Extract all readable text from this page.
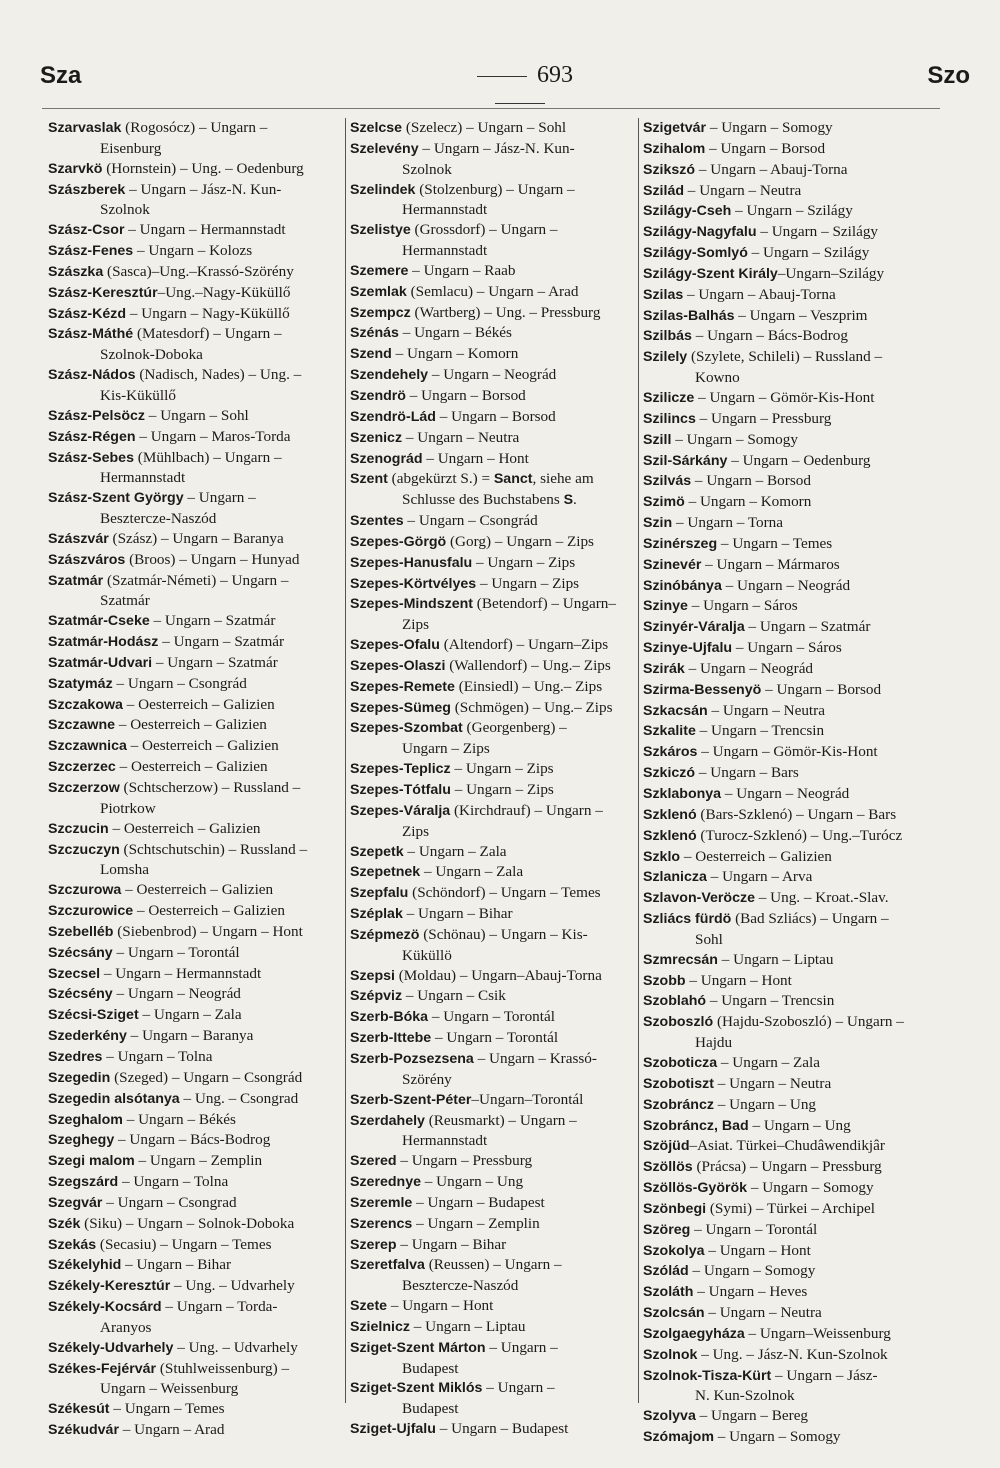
Sza	693	Szo
Szarvaslak (Rogosócz) – Ungarn –
Eisenburg
Szarvkö (Hornstein) – Ung. – Oedenburg
Szászberek – Ungarn – Jász-N. Kun-
Szolnok
Szász-Csor – Ungarn – Hermannstadt
Szász-Fenes – Ungarn – Kolozs
Szászka (Sasca)–Ung.–Krassó-Szörény
Szász-Keresztúr–Ung.–Nagy-Küküllő
Szász-Kézd – Ungarn – Nagy-Küküllő
Szász-Máthé (Matesdorf) – Ungarn –
Szolnok-Doboka
Szász-Nádos (Nadisch, Nades) – Ung. –
Kis-Küküllő
Szász-Pelsöcz – Ungarn – Sohl
Szász-Régen – Ungarn – Maros-Torda
Szász-Sebes (Mühlbach) – Ungarn –
Hermannstadt
Szász-Szent György – Ungarn –
Besztercze-Naszód
Szászvár (Szász) – Ungarn – Baranya
Szászváros (Broos) – Ungarn – Hunyad
Szatmár (Szatmár-Németi) – Ungarn –
Szatmár
Szatmár-Cseke – Ungarn – Szatmár
Szatmár-Hodász – Ungarn – Szatmár
Szatmár-Udvari – Ungarn – Szatmár
Szatymáz – Ungarn – Csongrád
Szczakowa – Oesterreich – Galizien
Szczawne – Oesterreich – Galizien
Szczawnica – Oesterreich – Galizien
Szczerzec – Oesterreich – Galizien
Szczerzow (Schtscherzow) – Russland –
Piotrkow
Szczucin – Oesterreich – Galizien
Szczuczyn (Schtschutschin) – Russland –
Lomsha
Szczurowa – Oesterreich – Galizien
Szczurowice – Oesterreich – Galizien
Szebelléb (Siebenbrod) – Ungarn – Hont
Szécsány – Ungarn – Torontál
Szecsel – Ungarn – Hermannstadt
Szécsény – Ungarn – Neográd
Szécsi-Sziget – Ungarn – Zala
Szederkény – Ungarn – Baranya
Szedres – Ungarn – Tolna
Szegedin (Szeged) – Ungarn – Csongrád
Szegedin alsótanya – Ung. – Csongrad
Szeghalom – Ungarn – Békés
Szeghegy – Ungarn – Bács-Bodrog
Szegi malom – Ungarn – Zemplin
Szegszárd – Ungarn – Tolna
Szegvár – Ungarn – Csongrad
Szék (Siku) – Ungarn – Solnok-Doboka
Szekás (Secasiu) – Ungarn – Temes
Székelyhid – Ungarn – Bihar
Székely-Keresztúr – Ung. – Udvarhely
Székely-Kocsárd – Ungarn – Torda-
Aranyos
Székely-Udvarhely – Ung. – Udvarhely
Székes-Fejérvár (Stuhlweissenburg) –
Ungarn – Weissenburg
Székesút – Ungarn – Temes
Székudvár – Ungarn – Arad
Szelcse (Szelecz) – Ungarn – Sohl
Szelevény – Ungarn – Jász-N. Kun-
Szolnok
Szelindek (Stolzenburg) – Ungarn –
Hermannstadt
Szelistye (Grossdorf) – Ungarn –
Hermannstadt
Szemere – Ungarn – Raab
Szemlak (Semlacu) – Ungarn – Arad
Szempcz (Wartberg) – Ung. – Pressburg
Szénás – Ungarn – Békés
Szend – Ungarn – Komorn
Szendehely – Ungarn – Neográd
Szendrö – Ungarn – Borsod
Szendrö-Lád – Ungarn – Borsod
Szenicz – Ungarn – Neutra
Szenográd – Ungarn – Hont
Szent (abgekürzt S.) = Sanct, siehe am
Schlusse des Buchstabens S.
Szentes – Ungarn – Csongrád
Szepes-Görgö (Gorg) – Ungarn – Zips
Szepes-Hanusfalu – Ungarn – Zips
Szepes-Körtvélyes – Ungarn – Zips
Szepes-Mindszent (Betendorf) – Ungarn–
Zips
Szepes-Ofalu (Altendorf) – Ungarn–Zips
Szepes-Olaszi (Wallendorf) – Ung.– Zips
Szepes-Remete (Einsiedl) – Ung.– Zips
Szepes-Sümeg (Schmögen) – Ung.– Zips
Szepes-Szombat (Georgenberg) –
Ungarn – Zips
Szepes-Teplicz – Ungarn – Zips
Szepes-Tótfalu – Ungarn – Zips
Szepes-Váralja (Kirchdrauf) – Ungarn –
Zips
Szepetk – Ungarn – Zala
Szepetnek – Ungarn – Zala
Szepfalu (Schöndorf) – Ungarn – Temes
Széplak – Ungarn – Bihar
Szépmezö (Schönau) – Ungarn – Kis-
Küküllö
Szepsi (Moldau) – Ungarn–Abauj-Torna
Szépviz – Ungarn – Csik
Szerb-Bóka – Ungarn – Torontál
Szerb-Ittebe – Ungarn – Torontál
Szerb-Pozsezsena – Ungarn – Krassó-
Szörény
Szerb-Szent-Péter–Ungarn–Torontál
Szerdahely (Reusmarkt) – Ungarn –
Hermannstadt
Szered – Ungarn – Pressburg
Szerednye – Ungarn – Ung
Szeremle – Ungarn – Budapest
Szerencs – Ungarn – Zemplin
Szerep – Ungarn – Bihar
Szeretfalva (Reussen) – Ungarn –
Besztercze-Naszód
Szete – Ungarn – Hont
Szielnicz – Ungarn – Liptau
Sziget-Szent Márton – Ungarn –
Budapest
Sziget-Szent Miklós – Ungarn –
Budapest
Sziget-Ujfalu – Ungarn – Budapest
Szigetvár – Ungarn – Somogy
Szihalom – Ungarn – Borsod
Szikszó – Ungarn – Abauj-Torna
Szilád – Ungarn – Neutra
Szilágy-Cseh – Ungarn – Szilágy
Szilágy-Nagyfalu – Ungarn – Szilágy
Szilágy-Somlyó – Ungarn – Szilágy
Szilágy-Szent Király–Ungarn–Szilágy
Szilas – Ungarn – Abauj-Torna
Szilas-Balhás – Ungarn – Veszprim
Szilbás – Ungarn – Bács-Bodrog
Szilely (Szylete, Schileli) – Russland –
Kowno
Szilicze – Ungarn – Gömör-Kis-Hont
Szilincs – Ungarn – Pressburg
Szill – Ungarn – Somogy
Szil-Sárkány – Ungarn – Oedenburg
Szilvás – Ungarn – Borsod
Szimö – Ungarn – Komorn
Szin – Ungarn – Torna
Szinérszeg – Ungarn – Temes
Szinevér – Ungarn – Mármaros
Szinóbánya – Ungarn – Neográd
Szinye – Ungarn – Sáros
Szinyér-Váralja – Ungarn – Szatmár
Szinye-Ujfalu – Ungarn – Sáros
Szirák – Ungarn – Neográd
Szirma-Bessenyö – Ungarn – Borsod
Szkacsán – Ungarn – Neutra
Szkalite – Ungarn – Trencsin
Szkáros – Ungarn – Gömör-Kis-Hont
Szkiczó – Ungarn – Bars
Szklabonya – Ungarn – Neográd
Szklenó (Bars-Szklenó) – Ungarn – Bars
Szklenó (Turocz-Szklenó) – Ung.–Turócz
Szklo – Oesterreich – Galizien
Szlanicza – Ungarn – Arva
Szlavon-Veröcze – Ung. – Kroat.-Slav.
Szliács fürdö (Bad Szliács) – Ungarn –
Sohl
Szmrecsán – Ungarn – Liptau
Szobb – Ungarn – Hont
Szoblahó – Ungarn – Trencsin
Szoboszló (Hajdu-Szoboszló) – Ungarn –
Hajdu
Szoboticza – Ungarn – Zala
Szobotiszt – Ungarn – Neutra
Szobráncz – Ungarn – Ung
Szobráncz, Bad – Ungarn – Ung
Szöjüd–Asiat. Türkei–Chudâwendikjâr
Szöllös (Prácsa) – Ungarn – Pressburg
Szöllös-Györök – Ungarn – Somogy
Szönbegi (Symi) – Türkei – Archipel
Szöreg – Ungarn – Torontál
Szokolya – Ungarn – Hont
Szólád – Ungarn – Somogy
Szoláth – Ungarn – Heves
Szolcsán – Ungarn – Neutra
Szolgaegyháza – Ungarn–Weissenburg
Szolnok – Ung. – Jász-N. Kun-Szolnok
Szolnok-Tisza-Kürt – Ungarn – Jász-
N. Kun-Szolnok
Szolyva – Ungarn – Bereg
Szómajom – Ungarn – Somogy
